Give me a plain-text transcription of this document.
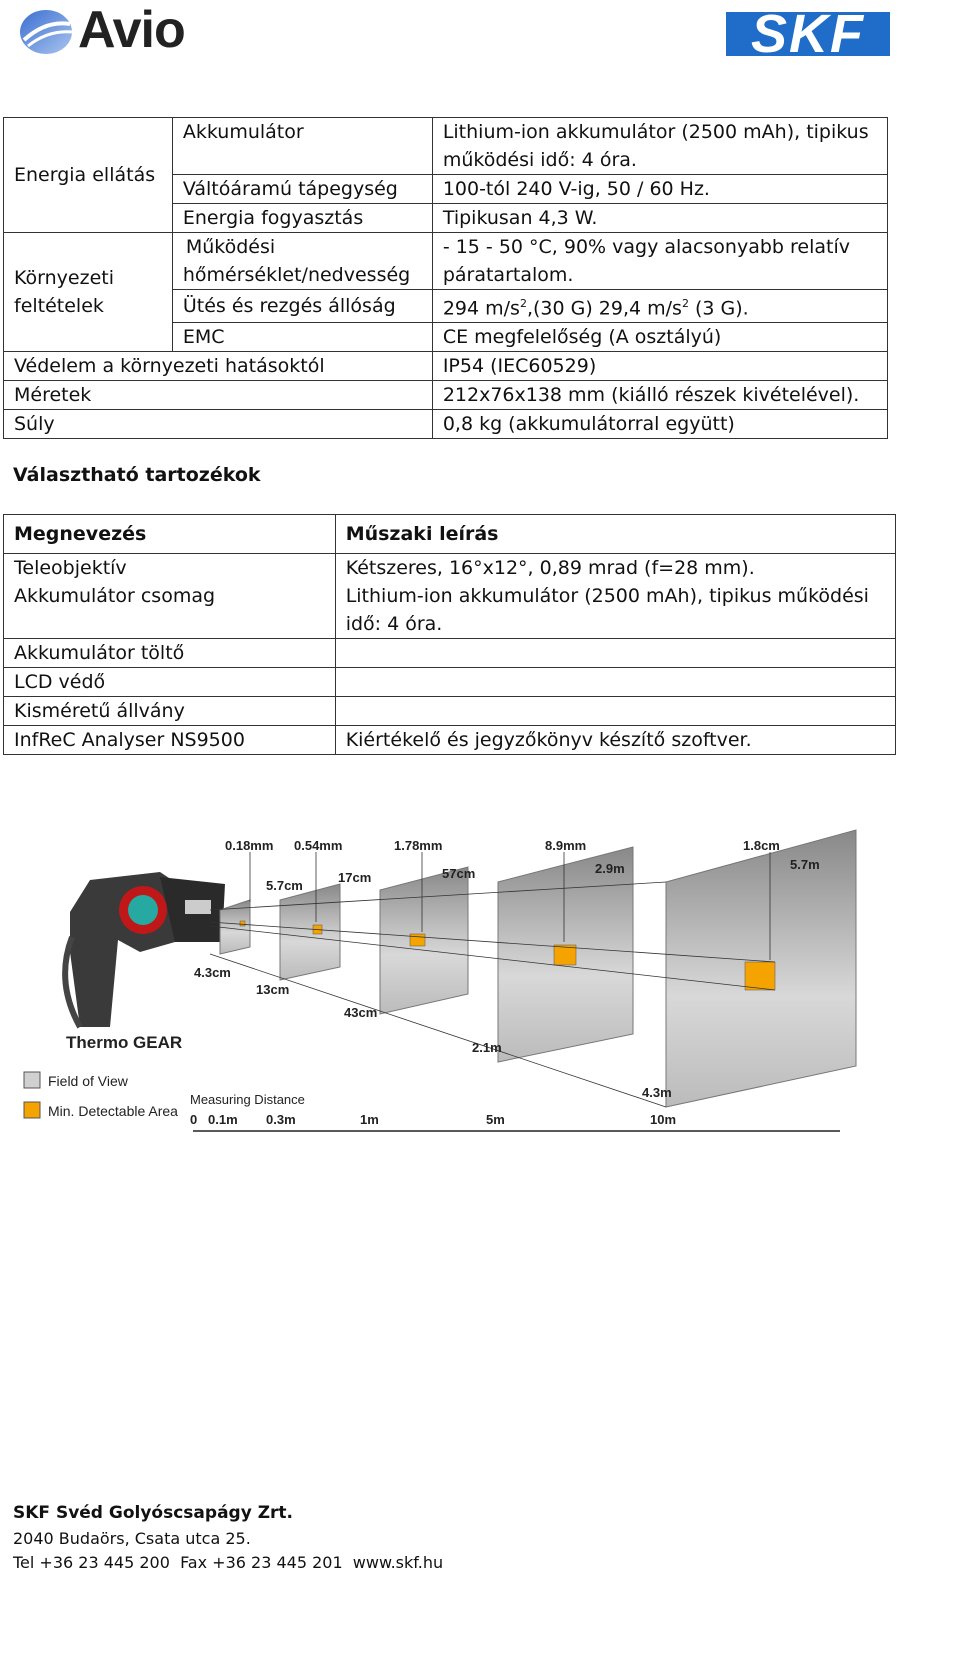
Avio	SKF
Energia ellátás	Akkumulátor	Lithium-ion akkumulátor (2500 mAh), tipikus
működési idő: 4 óra.
	Váltóáramú tápegység	100-tól 240 V-ig, 50 / 60 Hz.
	Energia fogyasztás	Tipikusan 4,3 W.
Környezeti
feltételek	Működési
hőmérséklet/nedvesség	- 15 - 50 °C, 90% vagy alacsonyabb relatív
páratartalom.
	Ütés és rezgés állóság	294 $m/s^2,(30$ G) 29,4 $m/s^2$ (3 G).
	EMC	CE megfelelőség (A osztályú)
Védelem a környezeti hatásoktól		IP54 (IEC60529)
Méretek		212x76x138 mm (kiálló részek kivételével).
Súly		0,8 kg (akkumulátorral együtt)
Választható tartozékok
Megnevezés	Műszaki leírás
Teleobjektív	Kétszeres, 16°x12°, 0,89 mrad (f=28 mm).
Akkumulátor csomag	Lithium-ion akkumulátor (2500 mAh), tipikus működési idő: 4 óra.
Akkumulátor töltő	
LCD védő	
Kisméretű állvány	
InfReC Analyser NS9500	Kiértékelő és jegyzőkönyv készítő szoftver.
Thermo GEAR
0.18mm 0.54mm	1.78mm	8.9mm	1.8cm
5.7cm
17cm	57cm	2.9m	5.7m
4.3cm
13cm
43cm
2.1m
4.3m
Field of View
Min. Detectable Area
Measuring Distance
0 0.1m 0.3m	1m	5m	10m
SKF Svéd Golyóscsapágy Zrt.
2040 Budaörs, Csata utca 25.
Tel +36 23 445 200  Fax +36 23 445 201  www.skf.hu
